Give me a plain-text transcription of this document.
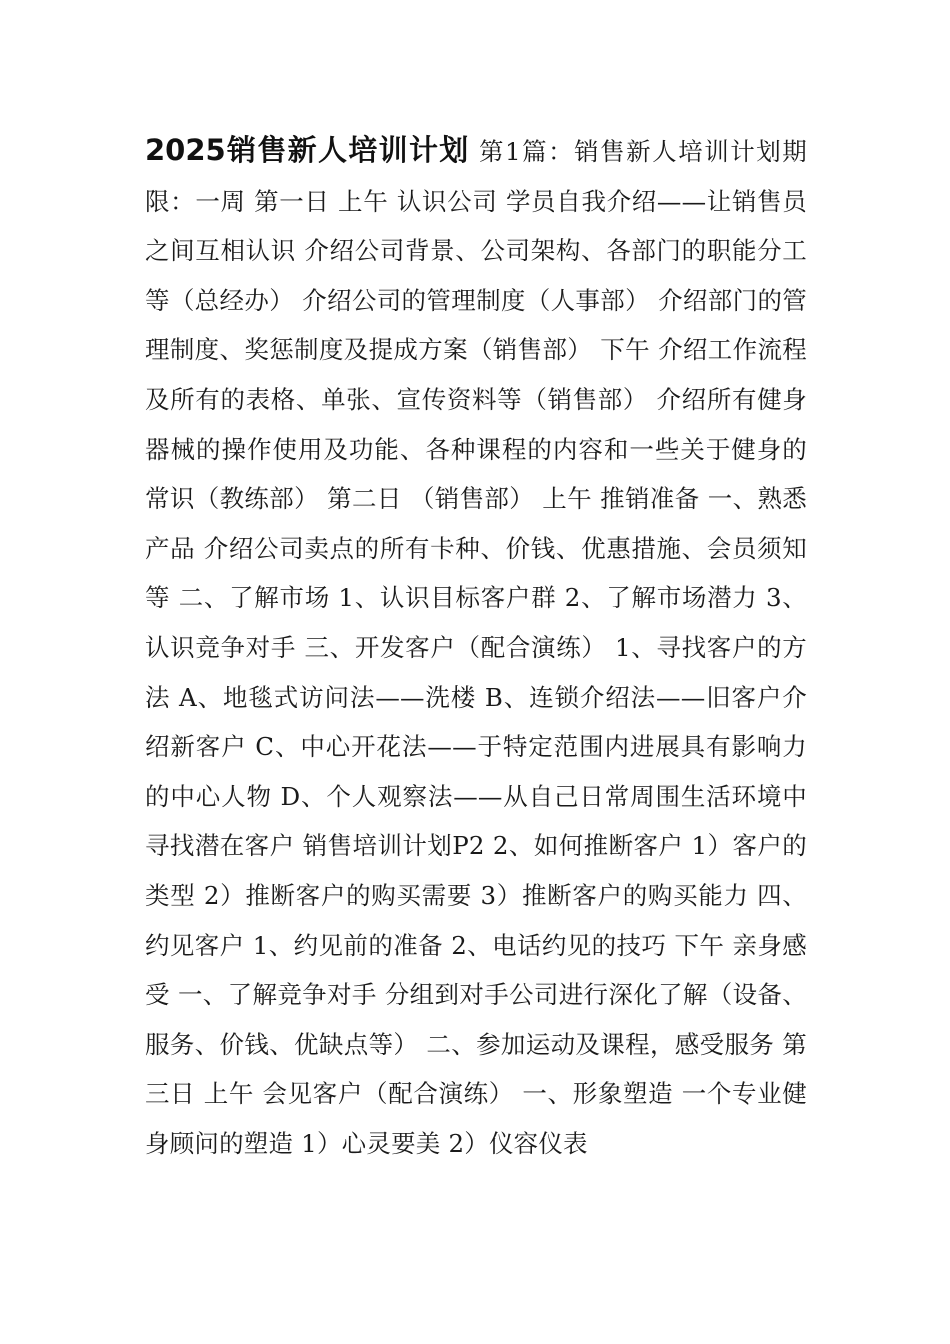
2025销售新人培训计划 第1篇：销售新人培训计划期限：一周 第一日 上午 认识公司 学员自我介绍——让销售员之间互相认识 介绍公司背景、公司架构、各部门的职能分工等（总经办） 介绍公司的管理制度（人事部） 介绍部门的管理制度、奖惩制度及提成方案（销售部） 下午 介绍工作流程及所有的表格、单张、宣传资料等（销售部） 介绍所有健身器械的操作使用及功能、各种课程的内容和一些关于健身的常识（教练部） 第二日 （销售部） 上午 推销准备 一、熟悉产品 介绍公司卖点的所有卡种、价钱、优惠措施、会员须知等 二、了解市场 1、认识目标客户群 2、了解市场潜力 3、认识竞争对手 三、开发客户（配合演练） 1、寻找客户的方法 A、地毯式访问法——洗楼 B、连锁介绍法——旧客户介绍新客户 C、中心开花法——于特定范围内进展具有影响力的中心人物 D、个人观察法——从自己日常周围生活环境中寻找潜在客户 销售培训计划P2 2、如何推断客户 1）客户的类型 2）推断客户的购买需要 3）推断客户的购买能力 四、约见客户 1、约见前的准备 2、电话约见的技巧 下午 亲身感受 一、了解竞争对手 分组到对手公司进行深化了解（设备、服务、价钱、优缺点等） 二、参加运动及课程，感受服务 第三日 上午 会见客户（配合演练） 一、形象塑造 一个专业健身顾问的塑造 1）心灵要美 2）仪容仪表
